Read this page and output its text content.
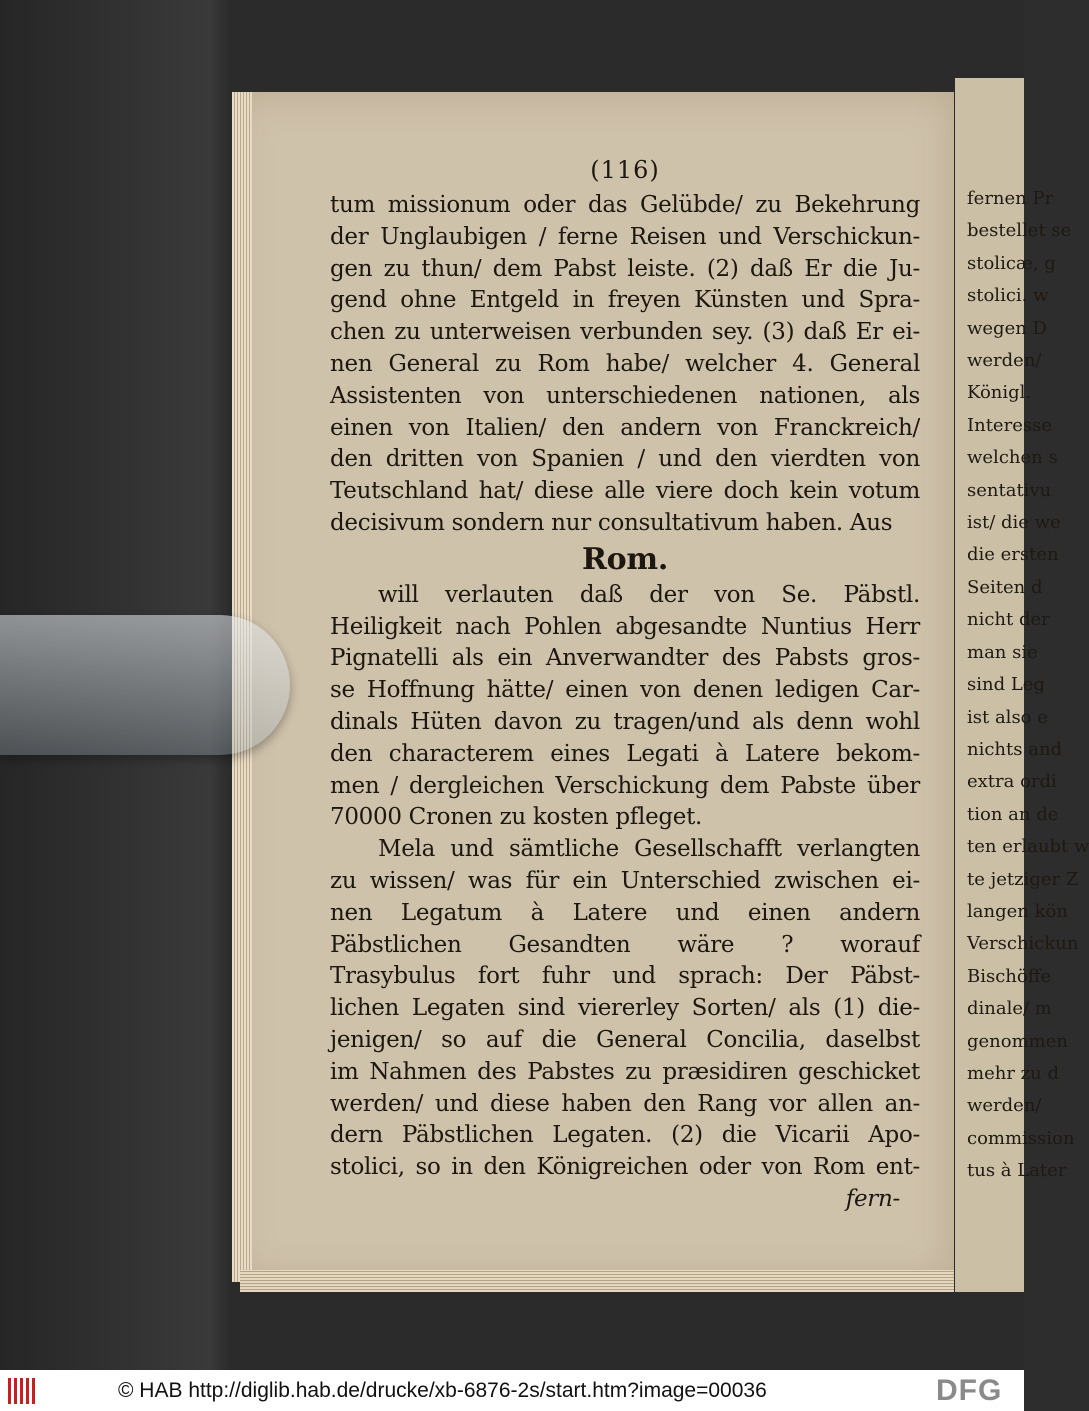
fernen Pr
bestellet se
stolicæ, g
stolici. w
wegen D
werden/
Königl.
Interesse
welchen s
sentativu
ist/ die we
die ersten
Seiten d
nicht der
man sie
sind Leg
ist also e
nichts and
extra ordi
tion an de
ten erlaubt w
te jetziger Z
langen kön
Verschickun
Bischöffe
dinale/ m
genommen
mehr zu d
werden/
commission
tus à Later
(116)
tum missionum oder das Gelübde/ zu Bekehrung
der Unglaubigen / ferne Reisen und Verschickun-
gen zu thun/ dem Pabst leiste. (2) daß Er die Ju-
gend ohne Entgeld in freyen Künsten und Spra-
chen zu unterweisen verbunden sey. (3) daß Er ei-
nen General zu Rom habe/ welcher 4. General
Assistenten von unterschiedenen nationen, als
einen von Italien/ den andern von Franckreich/
den dritten von Spanien / und den vierdten von
Teutschland hat/ diese alle viere doch kein votum
decisivum sondern nur consultativum haben. Aus
Rom.
will verlauten daß der von Se. Päbstl.
Heiligkeit nach Pohlen abgesandte Nuntius Herr
Pignatelli als ein Anverwandter des Pabsts gros-
se Hoffnung hätte/ einen von denen ledigen Car-
dinals Hüten davon zu tragen/und als denn wohl
den characterem eines Legati à Latere bekom-
men / dergleichen Verschickung dem Pabste über
70000 Cronen zu kosten pfleget.
Mela und sämtliche Gesellschafft verlangten
zu wissen/ was für ein Unterschied zwischen ei-
nen Legatum à Latere und einen andern
Päbstlichen Gesandten wäre ? worauf
Trasybulus fort fuhr und sprach: Der Päbst-
lichen Legaten sind viererley Sorten/ als (1) die-
jenigen/ so auf die General Concilia, daselbst
im Nahmen des Pabstes zu præsidiren geschicket
werden/ und diese haben den Rang vor allen an-
dern Päbstlichen Legaten. (2) die Vicarii Apo-
stolici, so in den Königreichen oder von Rom ent-
fern-
© HAB http://diglib.hab.de/drucke/xb-6876-2s/start.htm?image=00036	DFG
